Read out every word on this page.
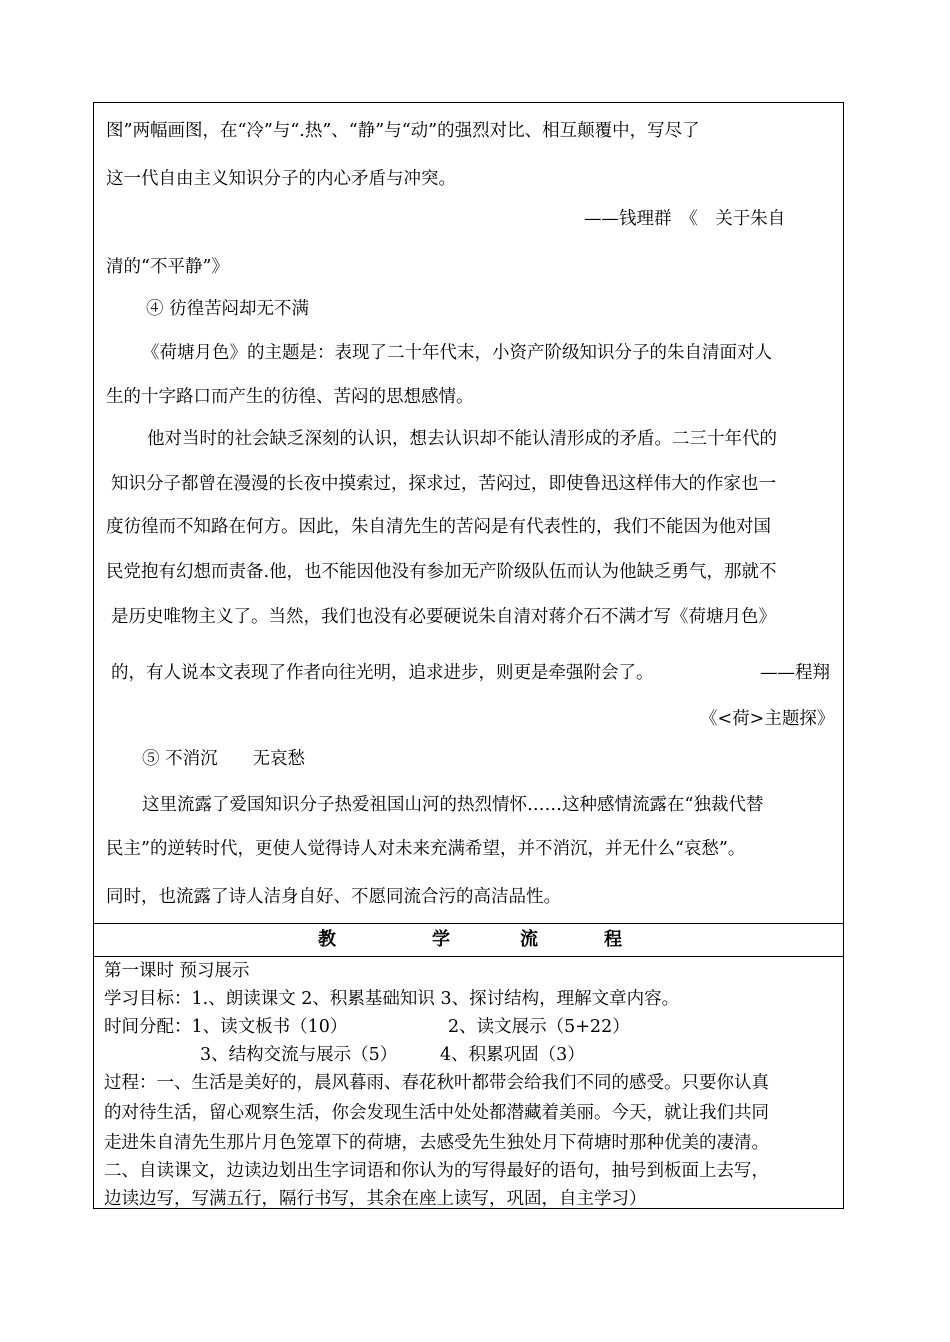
图”两幅画图，在“冷”与“.热”、“静”与“动”的强烈对比、相互颠覆中，写尽了
这一代自由主义知识分子的内心矛盾与冲突。
——钱理群　《　关于朱自
清的“不平静”》
④ 彷徨苦闷却无不满
《荷塘月色》的主题是：表现了二十年代末，小资产阶级知识分子的朱自清面对人
生的十字路口而产生的彷徨、苦闷的思想感情。
他对当时的社会缺乏深刻的认识，想去认识却不能认清形成的矛盾。二三十年代的
知识分子都曾在漫漫的长夜中摸索过，探求过，苦闷过，即使鲁迅这样伟大的作家也一
度彷徨而不知路在何方。因此，朱自清先生的苦闷是有代表性的，我们不能因为他对国
民党抱有幻想而责备.他，也不能因他没有参加无产阶级队伍而认为他缺乏勇气，那就不
是历史唯物主义了。当然，我们也没有必要硬说朱自清对蒋介石不满才写《荷塘月色》
的，有人说本文表现了作者向往光明，追求进步，则更是牵强附会了。	——程翔
《<荷>主题探》
⑤ 不消沉　　无哀愁
这里流露了爱国知识分子热爱祖国山河的热烈情怀……这种感情流露在“独裁代替
民主”的逆转时代，更使人觉得诗人对未来充满希望，并不消沉，并无什么“哀愁”。
同时，也流露了诗人洁身自好、不愿同流合污的高洁品性。
教	学	流	程
第一课时 预习展示
学习目标：1.、朗读课文 2、积累基础知识 3、探讨结构，理解文章内容。
时间分配：1、读文板书（10）	2、读文展示（5+22）
3、结构交流与展示（5） 4、积累巩固（3）
过程：一、生活是美好的，晨风暮雨、春花秋叶都带会给我们不同的感受。只要你认真
的对待生活，留心观察生活，你会发现生活中处处都潜藏着美丽。今天，就让我们共同
走进朱自清先生那片月色笼罩下的荷塘，去感受先生独处月下荷塘时那种优美的凄清。
二、自读课文，边读边划出生字词语和你认为的写得最好的语句，抽号到板面上去写，
边读边写，写满五行，隔行书写，其余在座上读写，巩固，自主学习）
